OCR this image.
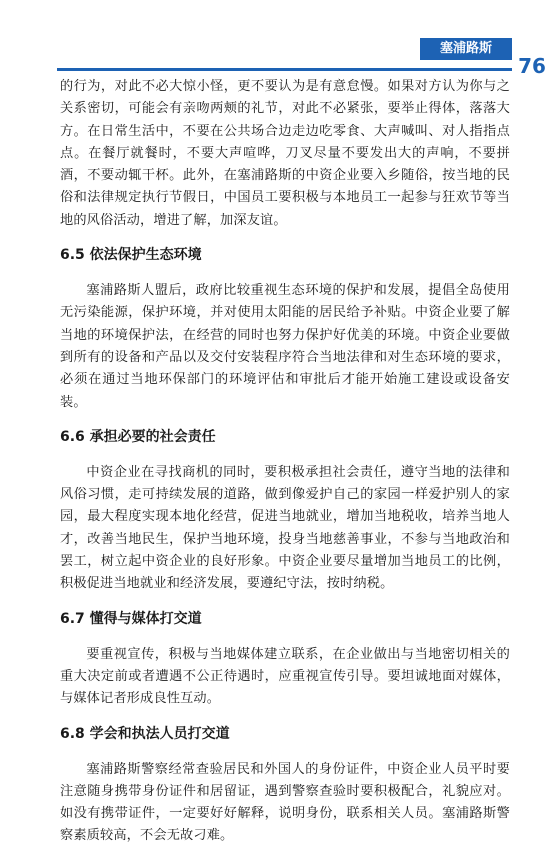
塞浦路斯
76

的行为，对此不必大惊小怪，更不要认为是有意怠慢。如果对方认为你与之关系密切，可能会有亲吻两颊的礼节，对此不必紧张，要举止得体，落落大方。在日常生活中，不要在公共场合边走边吃零食、大声喊叫、对人指指点点。在餐厅就餐时，不要大声喧哗，刀叉尽量不要发出大的声响，不要拼酒，不要动辄干杯。此外，在塞浦路斯的中资企业要入乡随俗，按当地的民俗和法律规定执行节假日，中国员工要积极与本地员工一起参与狂欢节等当地的风俗活动，增进了解，加深友谊。

6.5 依法保护生态环境

塞浦路斯人盟后，政府比较重视生态环境的保护和发展，提倡全岛使用无污染能源，保护环境，并对使用太阳能的居民给予补贴。中资企业要了解当地的环境保护法，在经营的同时也努力保护好优美的环境。中资企业要做到所有的设备和产品以及交付安装程序符合当地法律和对生态环境的要求，必须在通过当地环保部门的环境评估和审批后才能开始施工建设或设备安装。

6.6 承担必要的社会责任

中资企业在寻找商机的同时，要积极承担社会责任，遵守当地的法律和风俗习惯，走可持续发展的道路，做到像爱护自己的家园一样爱护别人的家园，最大程度实现本地化经营，促进当地就业，增加当地税收，培养当地人才，改善当地民生，保护当地环境，投身当地慈善事业，不参与当地政治和罢工，树立起中资企业的良好形象。中资企业要尽量增加当地员工的比例，积极促进当地就业和经济发展，要遵纪守法，按时纳税。

6.7 懂得与媒体打交道

要重视宣传，积极与当地媒体建立联系，在企业做出与当地密切相关的重大决定前或者遭遇不公正待遇时，应重视宣传引导。要坦诚地面对媒体，与媒体记者形成良性互动。

6.8 学会和执法人员打交道

塞浦路斯警察经常查验居民和外国人的身份证件，中资企业人员平时要注意随身携带身份证件和居留证，遇到警察查验时要积极配合，礼貌应对。如没有携带证件，一定要好好解释，说明身份，联系相关人员。塞浦路斯警察素质较高，不会无故刁难。
